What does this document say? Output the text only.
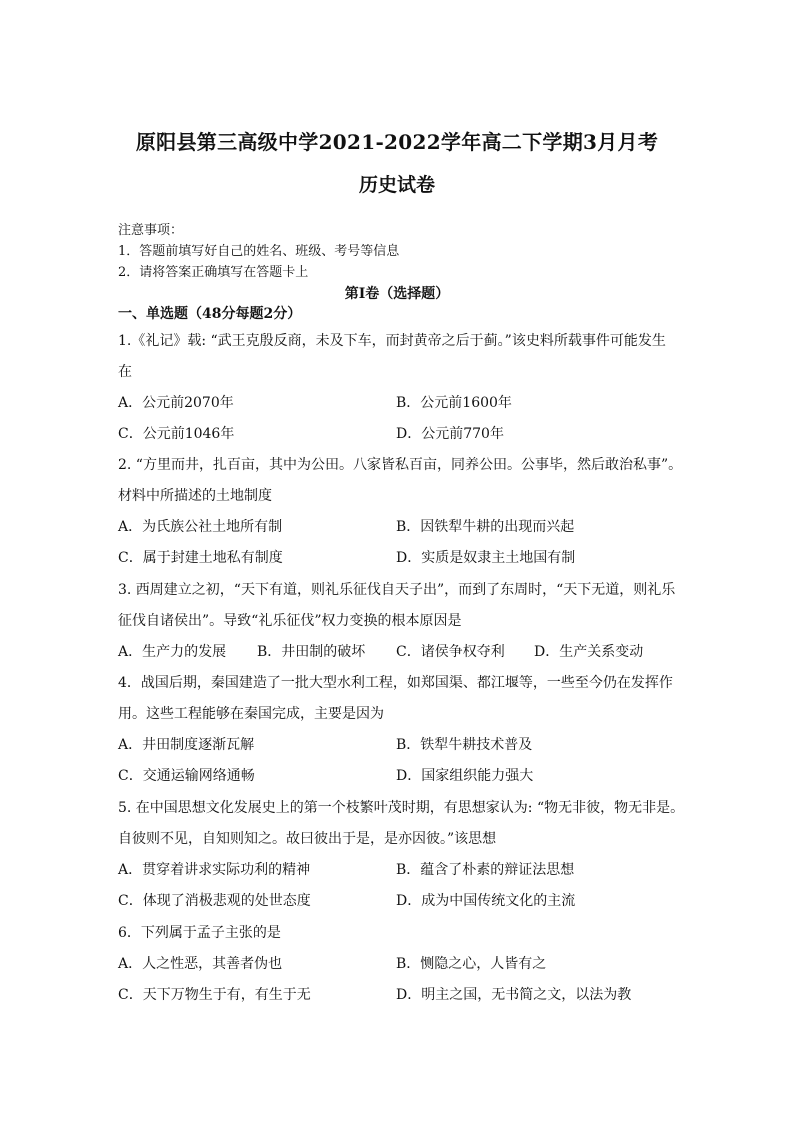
原阳县第三高级中学2021-2022学年高二下学期3月月考
历史试卷
注意事项：
1．答题前填写好自己的姓名、班级、考号等信息
2．请将答案正确填写在答题卡上
第I卷（选择题）
一、单选题（48分每题2分）
1.《礼记》载: “武王克殷反商，未及下车，而封黄帝之后于蓟。”该史料所载事件可能发生
在
A．公元前2070年	B．公元前1600年
C．公元前1046年	D．公元前770年
2. “方里而井，扎百亩，其中为公田。八家皆私百亩，同养公田。公事毕，然后敢治私事”。
材料中所描述的土地制度
A．为氏族公社土地所有制	B．因铁犁牛耕的出现而兴起
C．属于封建土地私有制度	D．实质是奴隶主土地国有制
3. 西周建立之初，“天下有道，则礼乐征伐自天子出”，而到了东周时，“天下无道，则礼乐
征伐自诸侯出”。导致“礼乐征伐”权力变换的根本原因是
A．生产力的发展 B．井田制的破坏 C．诸侯争权夺利 D．生产关系变动
4．战国后期，秦国建造了一批大型水利工程，如郑国渠、都江堰等，一些至今仍在发挥作
用。这些工程能够在秦国完成，主要是因为
A．井田制度逐渐瓦解	B．铁犁牛耕技术普及
C．交通运输网络通畅	D．国家组织能力强大
5. 在中国思想文化发展史上的第一个枝繁叶茂时期，有思想家认为: “物无非彼，物无非是。
自彼则不见，自知则知之。故曰彼出于是，是亦因彼。”该思想
A．贯穿着讲求实际功利的精神	B．蕴含了朴素的辩证法思想
C．体现了消极悲观的处世态度	D．成为中国传统文化的主流
6．下列属于孟子主张的是
A．人之性恶，其善者伪也	B．恻隐之心，人皆有之
C．天下万物生于有，有生于无	D．明主之国，无书简之文，以法为教
